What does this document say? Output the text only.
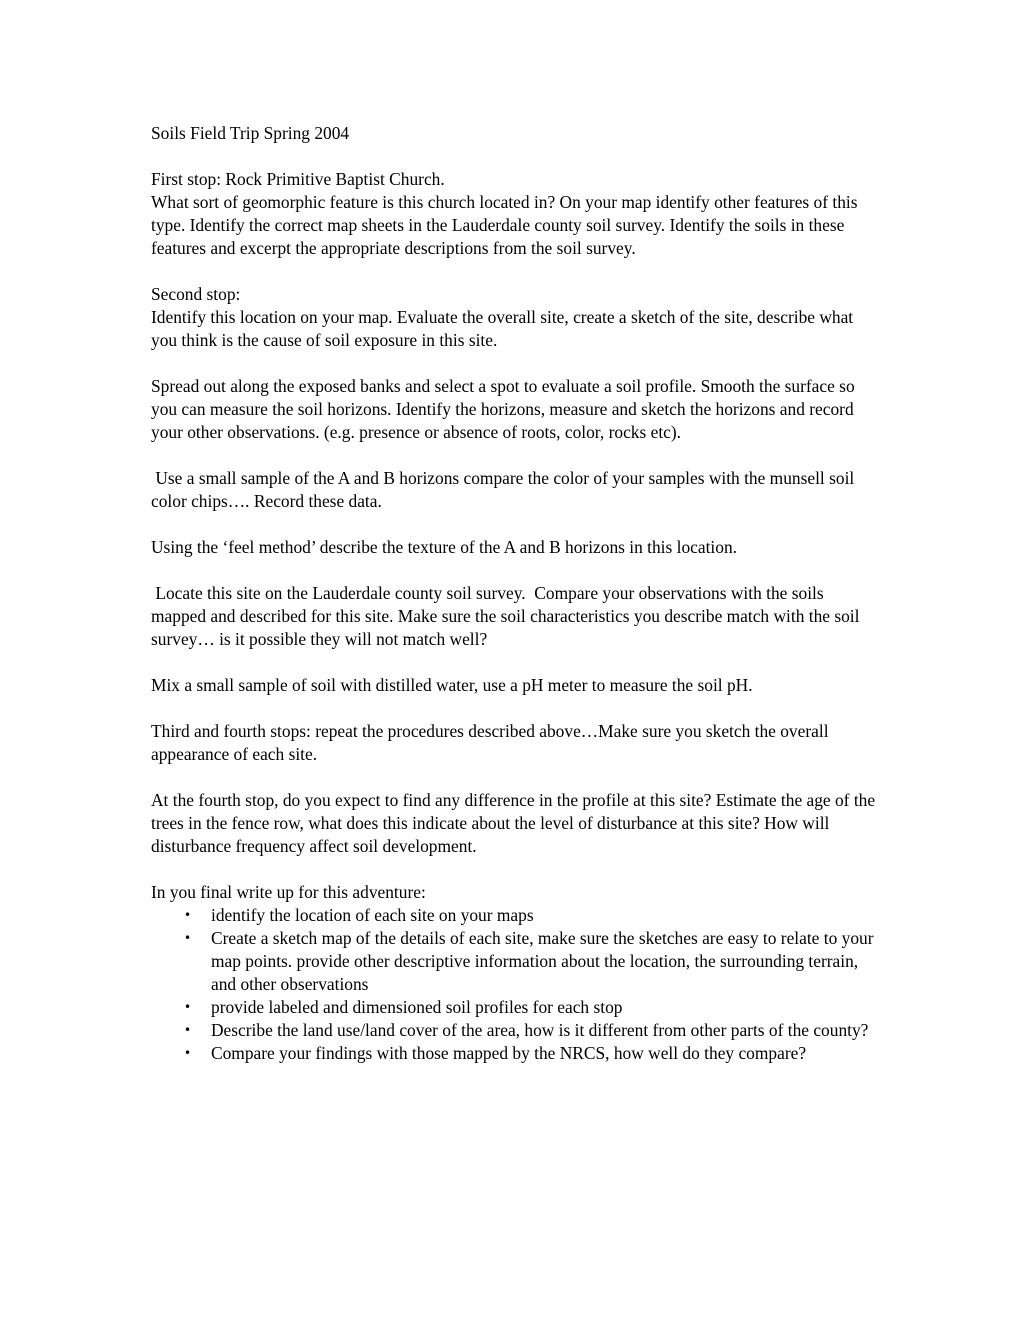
Soils Field Trip Spring 2004

First stop: Rock Primitive Baptist Church.
What sort of geomorphic feature is this church located in? On your map identify other features of this type. Identify the correct map sheets in the Lauderdale county soil survey. Identify the soils in these features and excerpt the appropriate descriptions from the soil survey.

Second stop:
Identify this location on your map. Evaluate the overall site, create a sketch of the site, describe what you think is the cause of soil exposure in this site.

Spread out along the exposed banks and select a spot to evaluate a soil profile. Smooth the surface so you can measure the soil horizons. Identify the horizons, measure and sketch the horizons and record your other observations. (e.g. presence or absence of roots, color, rocks etc).

Use a small sample of the A and B horizons compare the color of your samples with the munsell soil color chips…. Record these data.

Using the ‘feel method’ describe the texture of the A and B horizons in this location.

Locate this site on the Lauderdale county soil survey.  Compare your observations with the soils mapped and described for this site. Make sure the soil characteristics you describe match with the soil survey… is it possible they will not match well?

Mix a small sample of soil with distilled water, use a pH meter to measure the soil pH.

Third and fourth stops: repeat the procedures described above…Make sure you sketch the overall appearance of each site.

At the fourth stop, do you expect to find any difference in the profile at this site? Estimate the age of the trees in the fence row, what does this indicate about the level of disturbance at this site? How will disturbance frequency affect soil development.

In you final write up for this adventure:
• identify the location of each site on your maps
• Create a sketch map of the details of each site, make sure the sketches are easy to relate to your map points. provide other descriptive information about the location, the surrounding terrain, and other observations
• provide labeled and dimensioned soil profiles for each stop
• Describe the land use/land cover of the area, how is it different from other parts of the county?
• Compare your findings with those mapped by the NRCS, how well do they compare?
